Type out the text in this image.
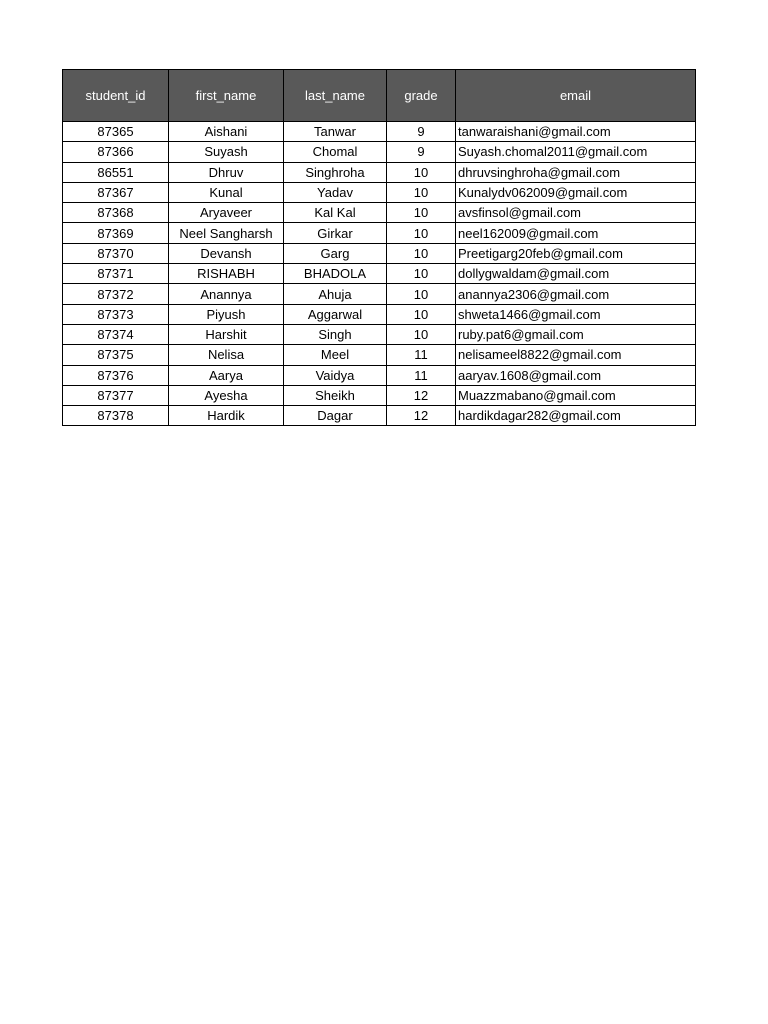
student_id	first_name	last_name	grade	email
87365	Aishani	Tanwar	9	tanwaraishani@gmail.com
87366	Suyash	Chomal	9	Suyash.chomal2011@gmail.com
86551	Dhruv	Singhroha	10	dhruvsinghroha@gmail.com
87367	Kunal	Yadav	10	Kunalydv062009@gmail.com
87368	Aryaveer	Kal Kal	10	avsfinsol@gmail.com
87369	Neel Sangharsh	Girkar	10	neel162009@gmail.com
87370	Devansh	Garg	10	Preetigarg20feb@gmail.com
87371	RISHABH	BHADOLA	10	dollygwaldam@gmail.com
87372	Anannya	Ahuja	10	anannya2306@gmail.com
87373	Piyush	Aggarwal	10	shweta1466@gmail.com
87374	Harshit	Singh	10	ruby.pat6@gmail.com
87375	Nelisa	Meel	11	nelisameel8822@gmail.com
87376	Aarya	Vaidya	11	aaryav.1608@gmail.com
87377	Ayesha	Sheikh	12	Muazzmabano@gmail.com
87378	Hardik	Dagar	12	hardikdagar282@gmail.com
